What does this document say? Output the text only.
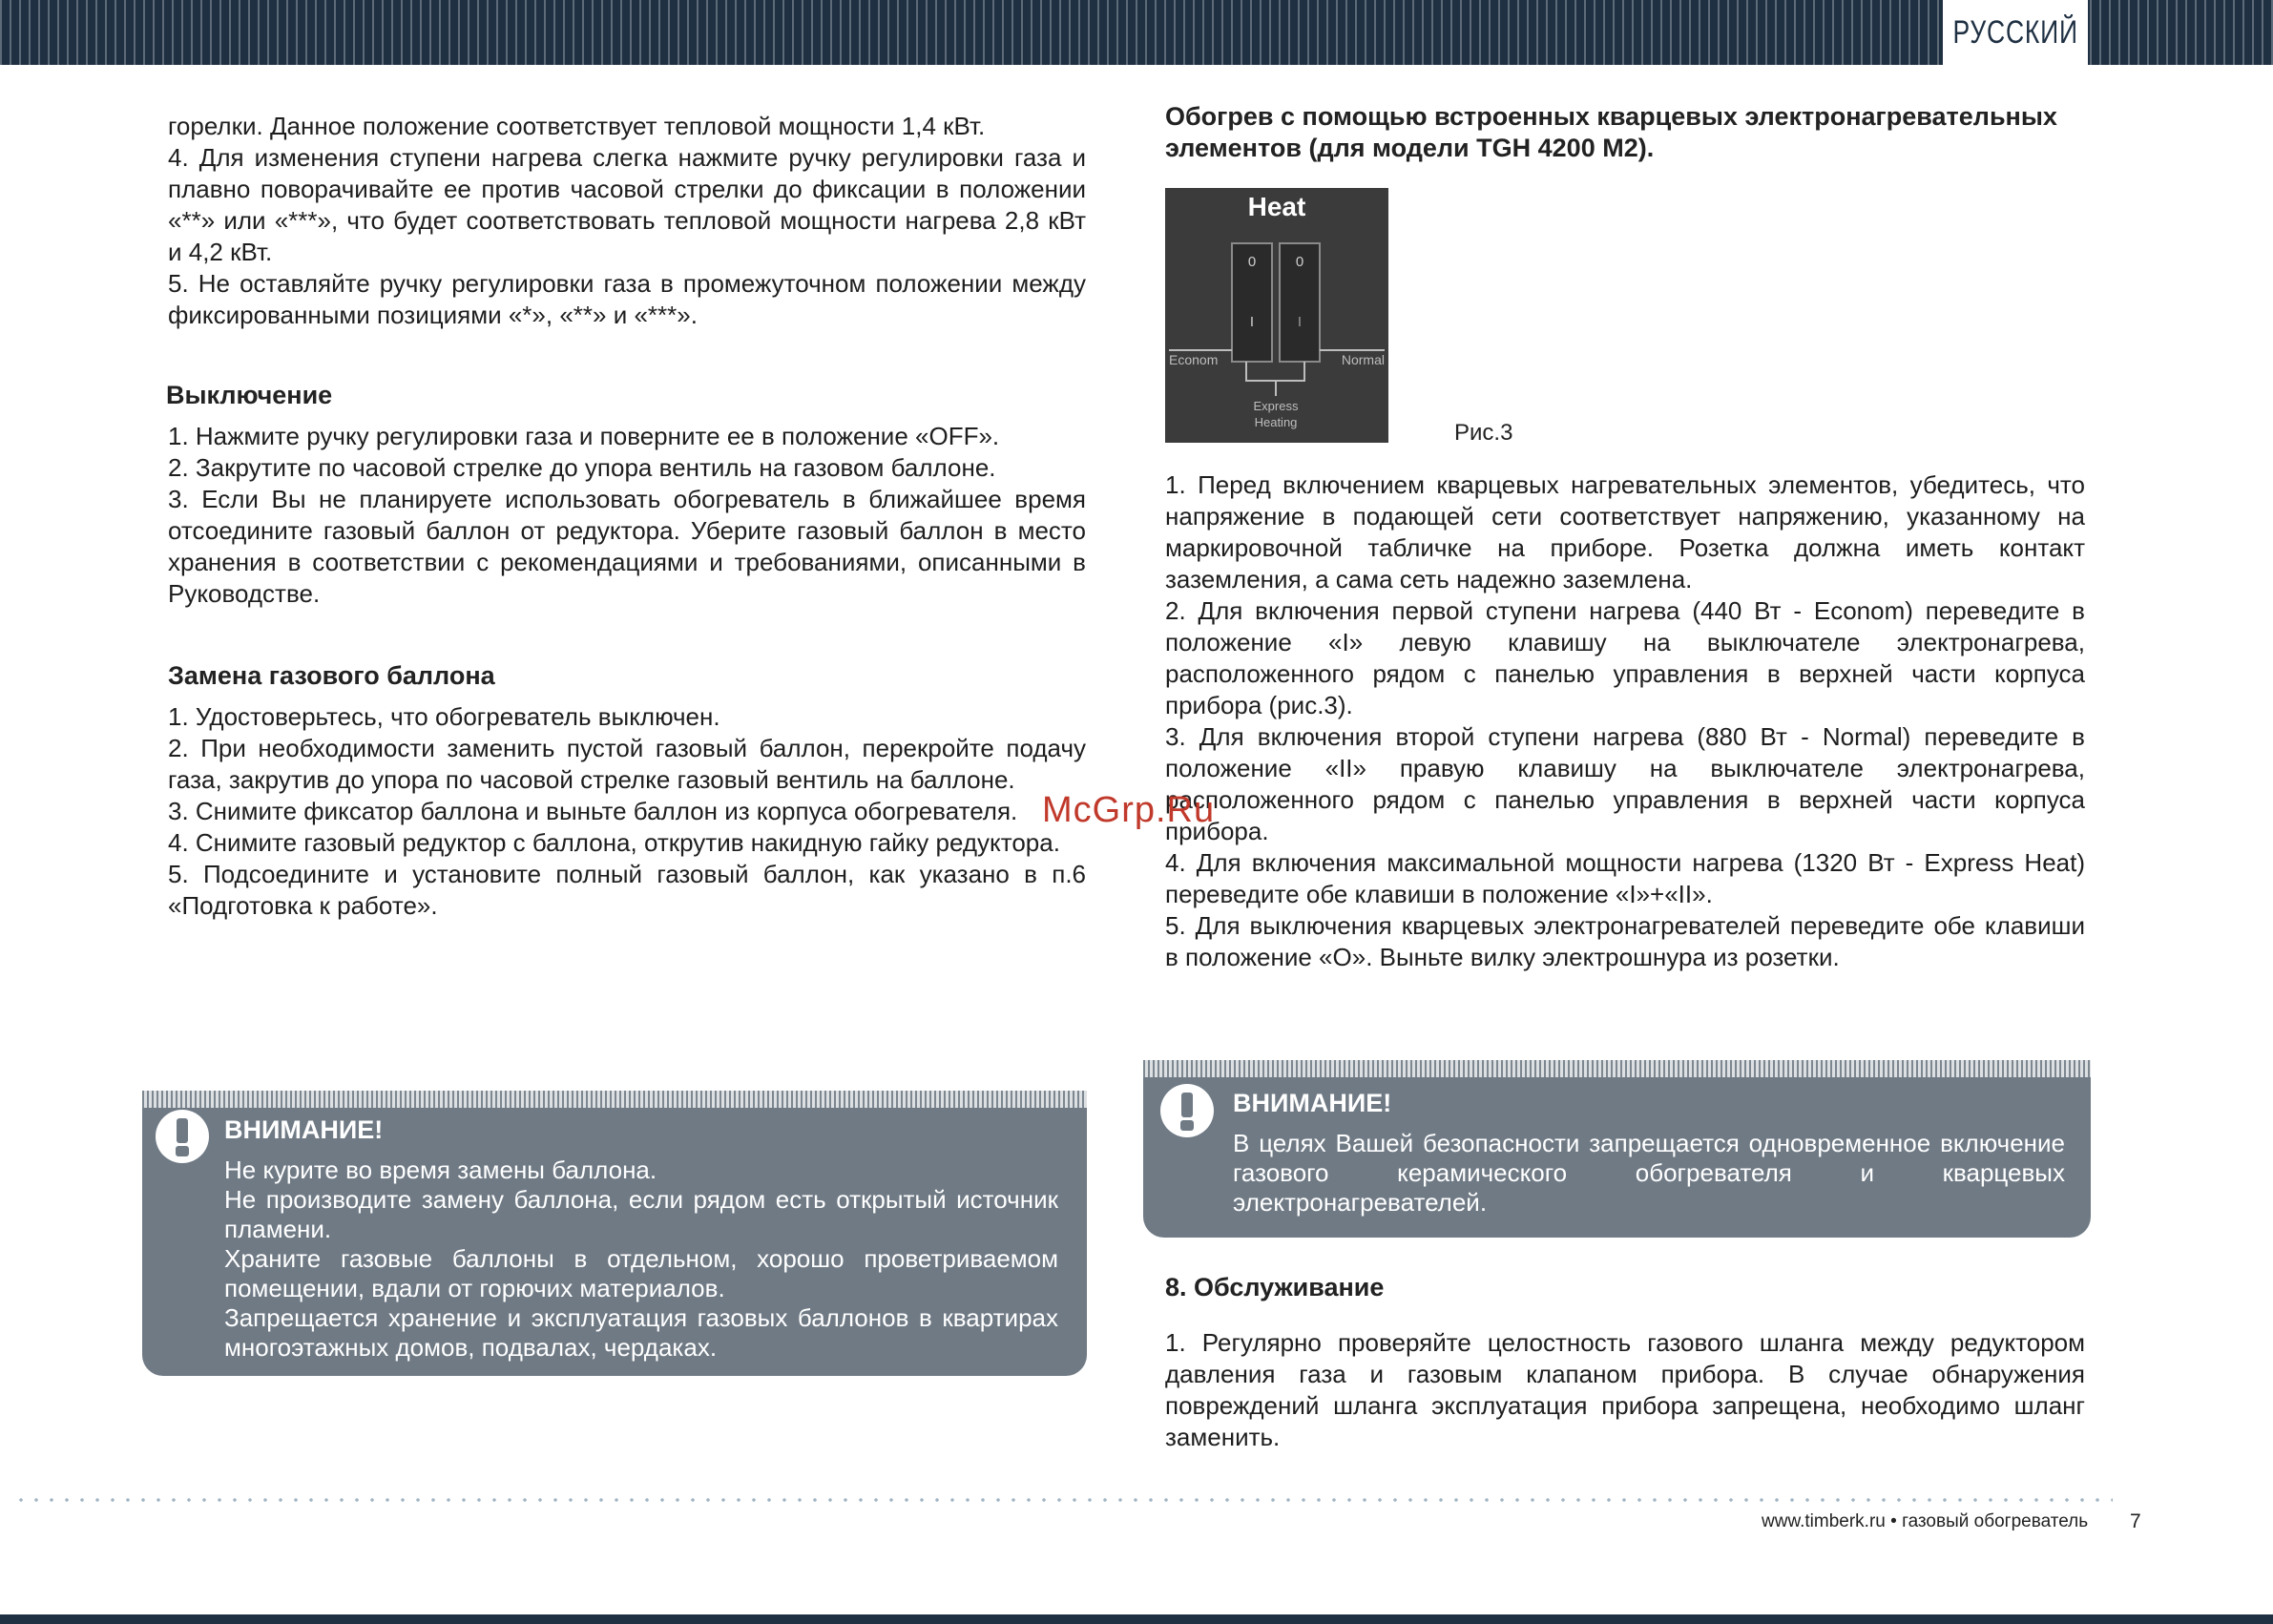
РУССКИЙ

горелки. Данное положение соответствует тепловой мощности 1,4 кВт.

4. Для изменения ступени нагрева слегка нажмите ручку регулировки газа и плавно поворачивайте ее против часовой стрелки до фиксации в положении «**» или «***», что будет соответствовать тепловой мощности нагрева 2,8 кВт и 4,2 кВт.

5. Не оставляйте ручку регулировки газа в промежуточном положении между фиксированными позициями «*», «**» и «***».

Выключение

1. Нажмите ручку регулировки газа и поверните ее в положение «OFF».

2. Закрутите по часовой стрелке до упора вентиль на газовом баллоне.

3. Если Вы не планируете использовать обогреватель в ближайшее время отсоедините газовый баллон от редуктора. Уберите газовый баллон в место хранения в соответствии с рекомендациями и требованиями, описанными в Руководстве.

Замена газового баллона

1. Удостоверьтесь, что обогреватель выключен.

2. При необходимости заменить пустой газовый баллон, перекройте подачу газа, закрутив до упора по часовой стрелке газовый вентиль на баллоне.

3. Снимите фиксатор баллона и выньте баллон из корпуса обогревателя.

4. Снимите газовый редуктор с баллона, открутив накидную гайку редуктора.

5. Подсоедините и установите полный газовый баллон, как указано в п.6 «Подготовка к работе».

ВНИМАНИЕ!

Не курите во время замены баллона.

Не производите замену баллона, если рядом есть открытый источник пламени.

Храните газовые баллоны в отдельном, хорошо проветриваемом помещении, вдали от горючих материалов.

Запрещается хранение и эксплуатация газовых баллонов в квартирах многоэтажных домов, подвалах, чердаках.

Обогрев с помощью встроенных кварцевых электронагревательных элементов (для модели TGH 4200 M2).
Heat
0
I
0
I
Econom	Normal
Express
Heating	Рис.3

1. Перед включением кварцевых нагревательных элементов, убедитесь, что напряжение в подающей сети соответствует напряжению, указанному на маркировочной табличке на приборе. Розетка должна иметь контакт заземления, а сама сеть надежно заземлена.

2. Для включения первой ступени нагрева (440 Вт - Econom) переведите в положение «I» левую клавишу на выключателе электронагрева, расположенного рядом с панелью управления в верхней части корпуса прибора (рис.3).

3. Для включения второй ступени нагрева (880 Вт - Normal) переведите в положение «II» правую клавишу на выключателе электронагрева, расположенного рядом с панелью управления в верхней части корпуса прибора.

4. Для включения максимальной мощности нагрева (1320 Вт - Express Heat) переведите обе клавиши в положение «I»+«II».

5. Для выключения кварцевых электронагревателей переведите обе клавиши в положение «O». Выньте вилку электрошнура из розетки.

ВНИМАНИЕ!

В целях Вашей безопасности запрещается одновременное включение газового керамического обогревателя и кварцевых электронагревателей.

8. Обслуживание

1. Регулярно проверяйте целостность газового шланга между редуктором давления газа и газовым клапаном прибора. В случае обнаружения повреждений шланга эксплуатация прибора запрещена, необходимо шланг заменить.

McGrp.Ru
www.timberk.ru • газовый обогреватель 7
